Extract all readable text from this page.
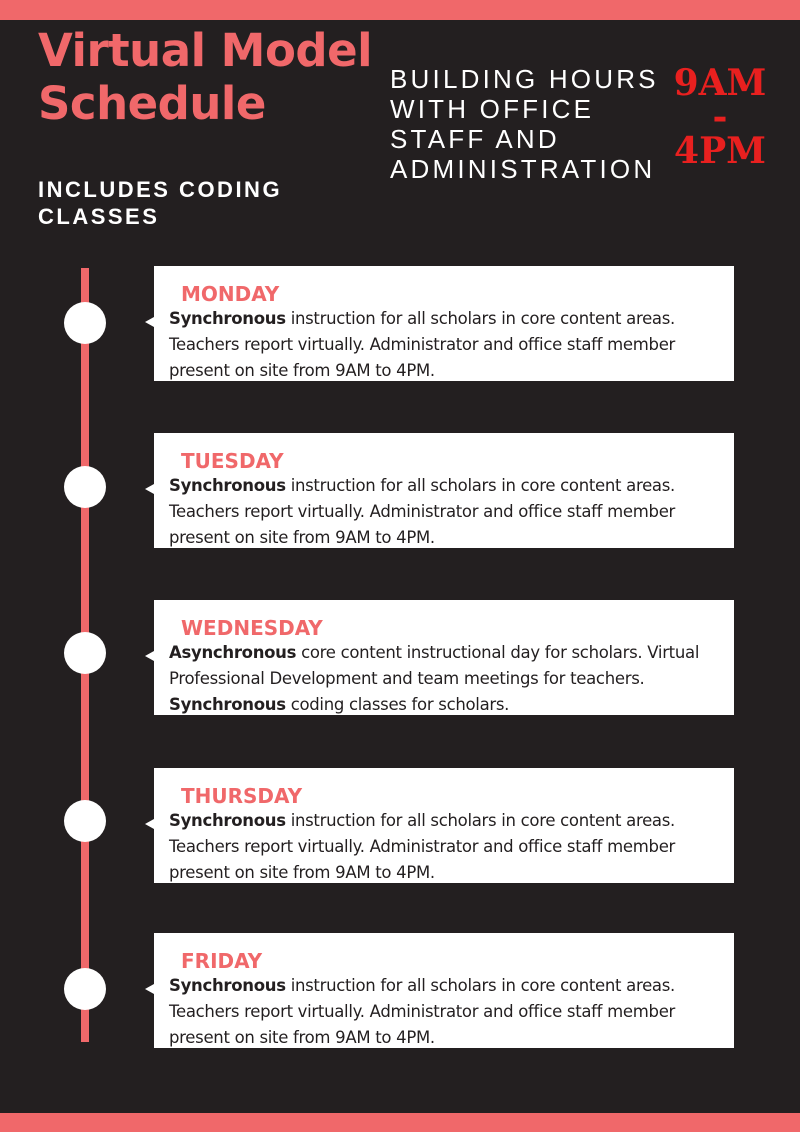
Virtual Model
Schedule
INCLUDES CODING
CLASSES
BUILDING HOURS
WITH OFFICE
STAFF AND
ADMINISTRATION
9AM
-
4PM
MONDAY
Synchronous instruction for all scholars in core content areas. Teachers report virtually. Administrator and office staff member present on site from 9AM to 4PM.
TUESDAY
Synchronous instruction for all scholars in core content areas. Teachers report virtually. Administrator and office staff member present on site from 9AM to 4PM.
WEDNESDAY
Asynchronous core content instructional day for scholars. Virtual Professional Development and team meetings for teachers. Synchronous coding classes for scholars.
THURSDAY
Synchronous instruction for all scholars in core content areas. Teachers report virtually. Administrator and office staff member present on site from 9AM to 4PM.
FRIDAY
Synchronous instruction for all scholars in core content areas. Teachers report virtually. Administrator and office staff member present on site from 9AM to 4PM.
